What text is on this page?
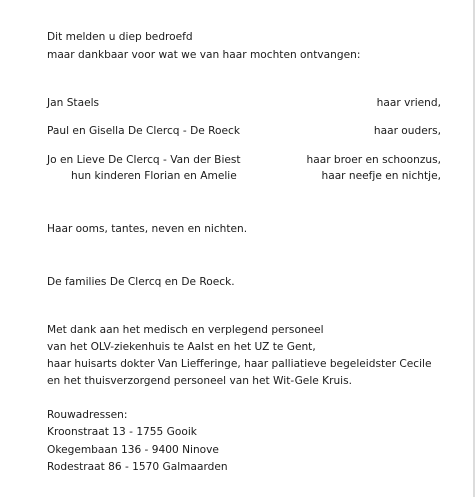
Dit melden u diep bedroefd
maar dankbaar voor wat we van haar mochten ontvangen:
Jan Staels	haar vriend,
Paul en Gisella De Clercq - De Roeck	haar ouders,
Jo en Lieve De Clercq - Van der Biest	haar broer en schoonzus,
hun kinderen Florian en Amelie	haar neefje en nichtje,
Haar ooms, tantes, neven en nichten.
De families De Clercq en De Roeck.
Met dank aan het medisch en verplegend personeel
van het OLV-ziekenhuis te Aalst en het UZ te Gent,
haar huisarts dokter Van Liefferinge, haar palliatieve begeleidster Cecile
en het thuisverzorgend personeel van het Wit-Gele Kruis.
Rouwadressen:
Kroonstraat 13 - 1755 Gooik
Okegembaan 136 - 9400 Ninove
Rodestraat 86 - 1570 Galmaarden
